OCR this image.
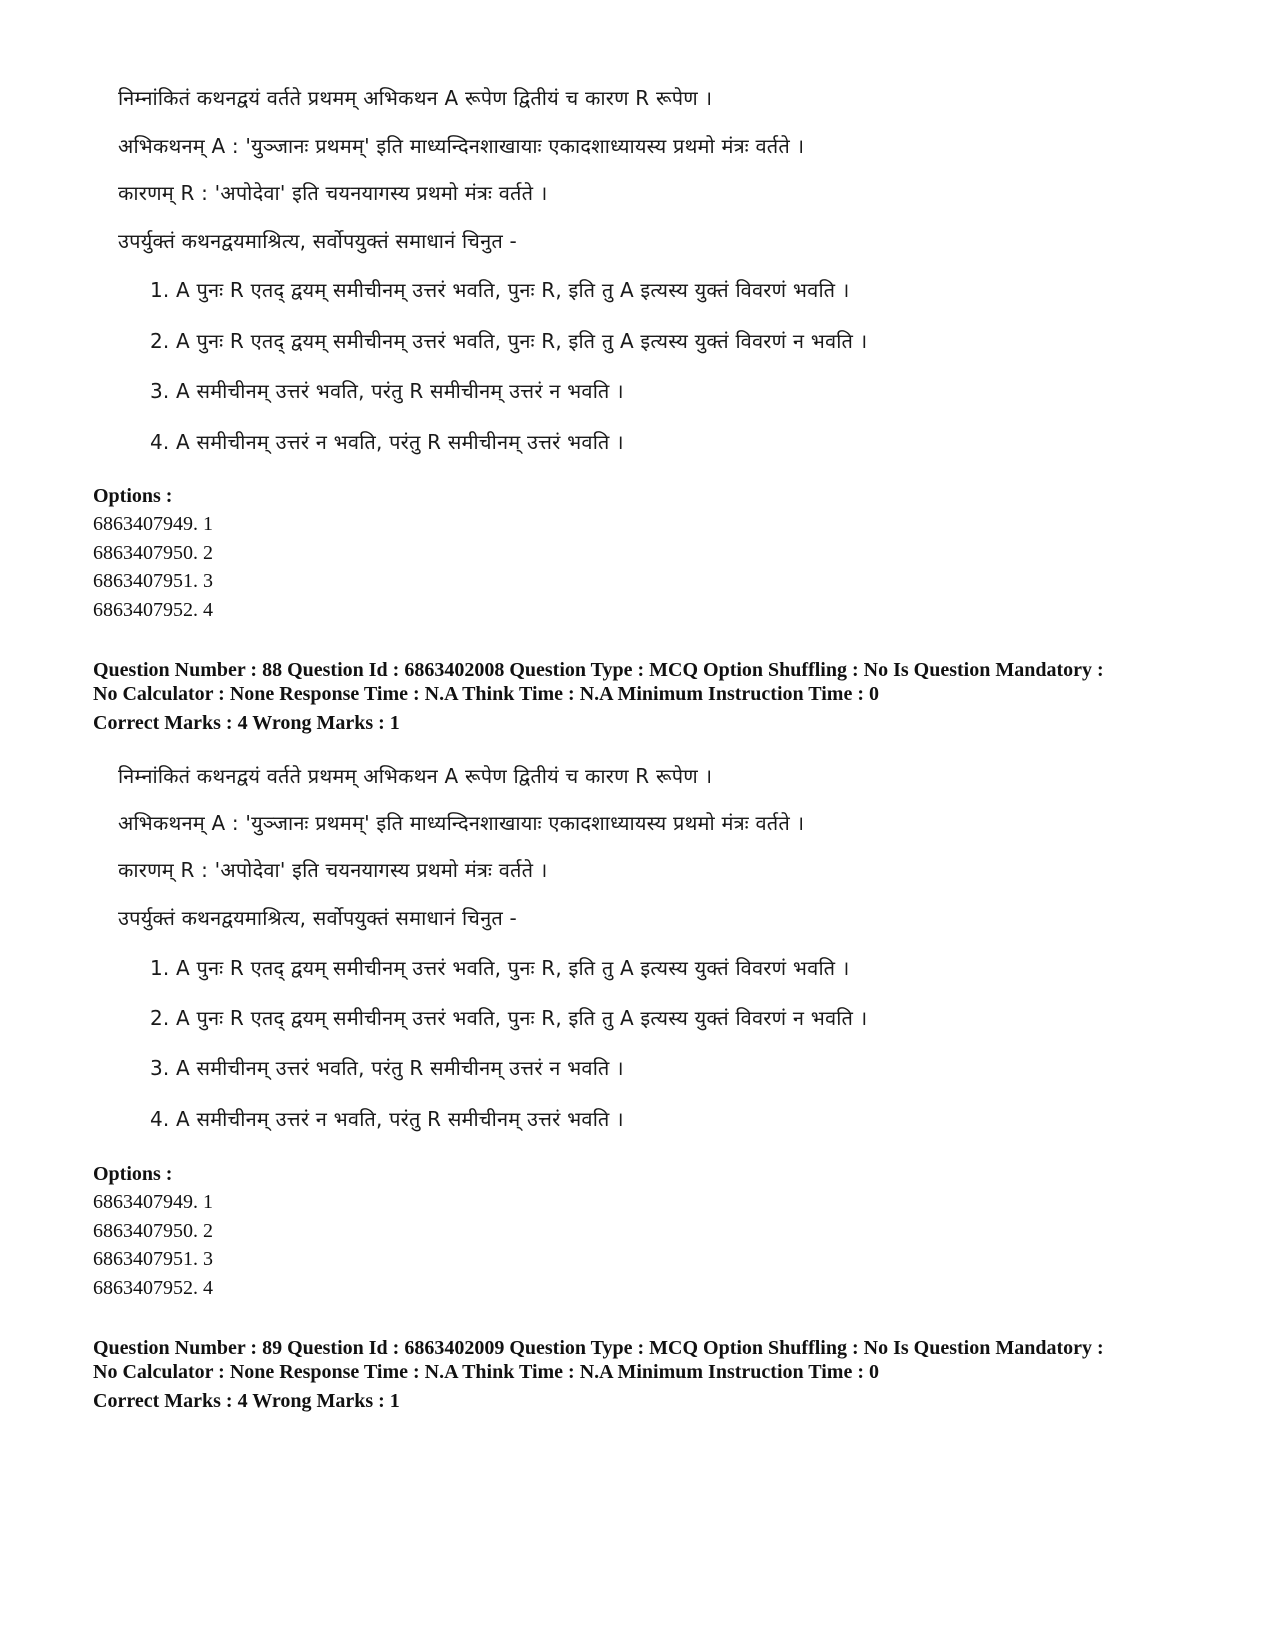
निम्नांकितं कथनद्वयं वर्तते प्रथमम् अभिकथन A रूपेण द्वितीयं च कारण R रूपेण ।
अभिकथनम् A : 'युञ्जानः प्रथमम्' इति माध्यन्दिनशाखायाः एकादशाध्यायस्य प्रथमो मंत्रः वर्तते ।
कारणम् R : 'अपोदेवा' इति चयनयागस्य प्रथमो मंत्रः वर्तते ।
उपर्युक्तं कथनद्वयमाश्रित्य, सर्वोपयुक्तं समाधानं चिनुत -
1. A पुनः R एतद् द्वयम् समीचीनम् उत्तरं भवति, पुनः R, इति तु A इत्यस्य युक्तं विवरणं भवति ।
2. A पुनः R एतद् द्वयम् समीचीनम् उत्तरं भवति, पुनः R, इति तु A इत्यस्य युक्तं विवरणं न भवति ।
3. A समीचीनम् उत्तरं भवति, परंतु R समीचीनम् उत्तरं न भवति ।
4. A समीचीनम् उत्तरं न भवति, परंतु R समीचीनम् उत्तरं भवति ।
Options :
6863407949. 1
6863407950. 2
6863407951. 3
6863407952. 4
Question Number : 88 Question Id : 6863402008 Question Type : MCQ Option Shuffling : No Is Question Mandatory :
No Calculator : None Response Time : N.A Think Time : N.A Minimum Instruction Time : 0
Correct Marks : 4 Wrong Marks : 1
निम्नांकितं कथनद्वयं वर्तते प्रथमम् अभिकथन A रूपेण द्वितीयं च कारण R रूपेण ।
अभिकथनम् A : 'युञ्जानः प्रथमम्' इति माध्यन्दिनशाखायाः एकादशाध्यायस्य प्रथमो मंत्रः वर्तते ।
कारणम् R : 'अपोदेवा' इति चयनयागस्य प्रथमो मंत्रः वर्तते ।
उपर्युक्तं कथनद्वयमाश्रित्य, सर्वोपयुक्तं समाधानं चिनुत -
1. A पुनः R एतद् द्वयम् समीचीनम् उत्तरं भवति, पुनः R, इति तु A इत्यस्य युक्तं विवरणं भवति ।
2. A पुनः R एतद् द्वयम् समीचीनम् उत्तरं भवति, पुनः R, इति तु A इत्यस्य युक्तं विवरणं न भवति ।
3. A समीचीनम् उत्तरं भवति, परंतु R समीचीनम् उत्तरं न भवति ।
4. A समीचीनम् उत्तरं न भवति, परंतु R समीचीनम् उत्तरं भवति ।
Options :
6863407949. 1
6863407950. 2
6863407951. 3
6863407952. 4
Question Number : 89 Question Id : 6863402009 Question Type : MCQ Option Shuffling : No Is Question Mandatory :
No Calculator : None Response Time : N.A Think Time : N.A Minimum Instruction Time : 0
Correct Marks : 4 Wrong Marks : 1
